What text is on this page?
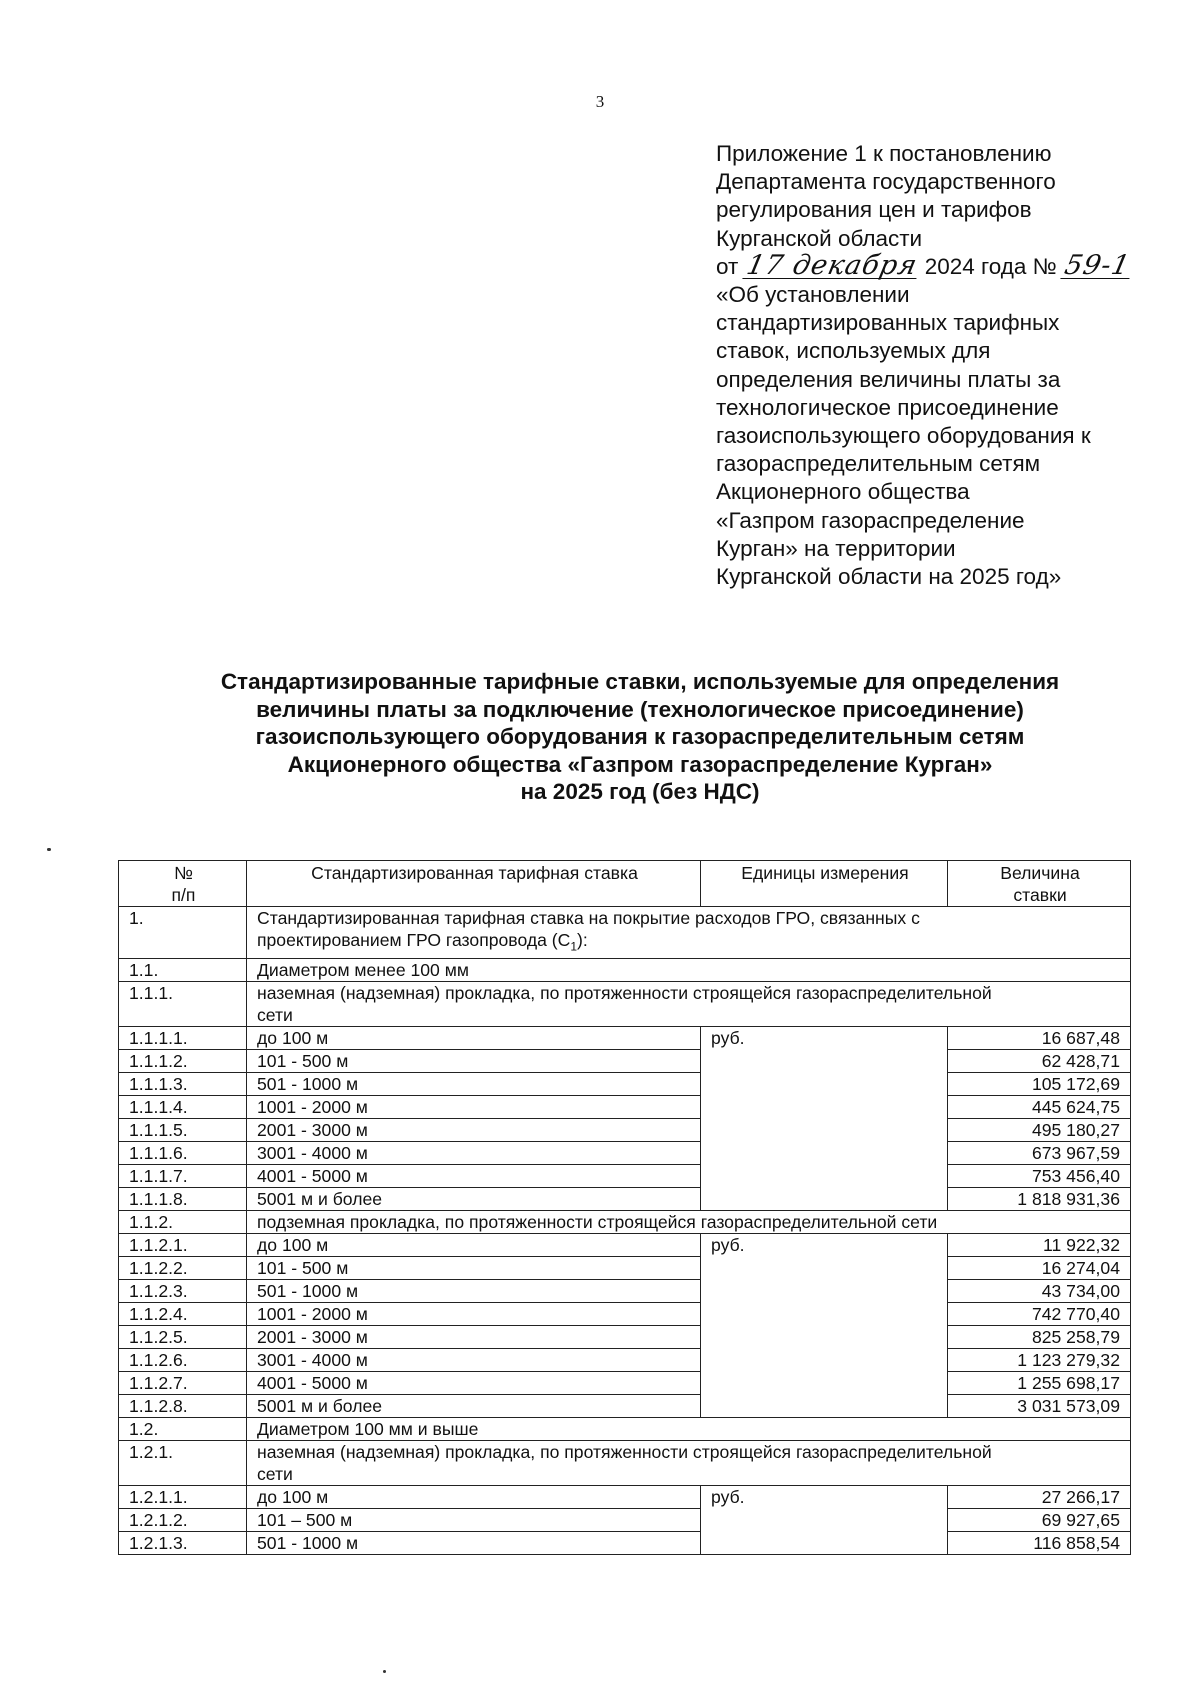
3
Приложение 1 к постановлению
Департамента государственного
регулирования цен и тарифов
Курганской области
от 17 декабря 2024 года № 59-1
«Об установлении
стандартизированных тарифных
ставок, используемых для
определения величины платы за
технологическое присоединение
газоиспользующего оборудования к
газораспределительным сетям
Акционерного общества
«Газпром газораспределение
Курган» на территории
Курганской области на 2025 год»
Стандартизированные тарифные ставки, используемые для определения
величины платы за подключение (технологическое присоединение)
газоиспользующего оборудования к газораспределительным сетям
Акционерного общества «Газпром газораспределение Курган»
на 2025 год (без НДС)
№
п/п	Стандартизированная тарифная ставка	Единицы измерения	Величина
ставки
1.	Стандартизированная тарифная ставка на покрытие расходов ГРО, связанных с
проектированием ГРО газопровода $(С_1)$:		
1.1.	Диаметром менее 100 мм		
1.1.1.	наземная (надземная) прокладка, по протяженности строящейся газораспределительной
сети		
1.1.1.1.	до 100 м	руб.	16 687,48
1.1.1.2.	101 - 500 м		62 428,71
1.1.1.3.	501 - 1000 м		105 172,69
1.1.1.4.	1001 - 2000 м		445 624,75
1.1.1.5.	2001 - 3000 м		495 180,27
1.1.1.6.	3001 - 4000 м		673 967,59
1.1.1.7.	4001 - 5000 м		753 456,40
1.1.1.8.	5001 м и более		1 818 931,36
1.1.2.	подземная прокладка, по протяженности строящейся газораспределительной сети		
1.1.2.1.	до 100 м	руб.	11 922,32
1.1.2.2.	101 - 500 м		16 274,04
1.1.2.3.	501 - 1000 м		43 734,00
1.1.2.4.	1001 - 2000 м		742 770,40
1.1.2.5.	2001 - 3000 м		825 258,79
1.1.2.6.	3001 - 4000 м		1 123 279,32
1.1.2.7.	4001 - 5000 м		1 255 698,17
1.1.2.8.	5001 м и более		3 031 573,09
1.2.	Диаметром 100 мм и выше		
1.2.1.	наземная (надземная) прокладка, по протяженности строящейся газораспределительной
сети		
1.2.1.1.	до 100 м	руб.	27 266,17
1.2.1.2.	101 – 500 м		69 927,65
1.2.1.3.	501 - 1000 м		116 858,54
